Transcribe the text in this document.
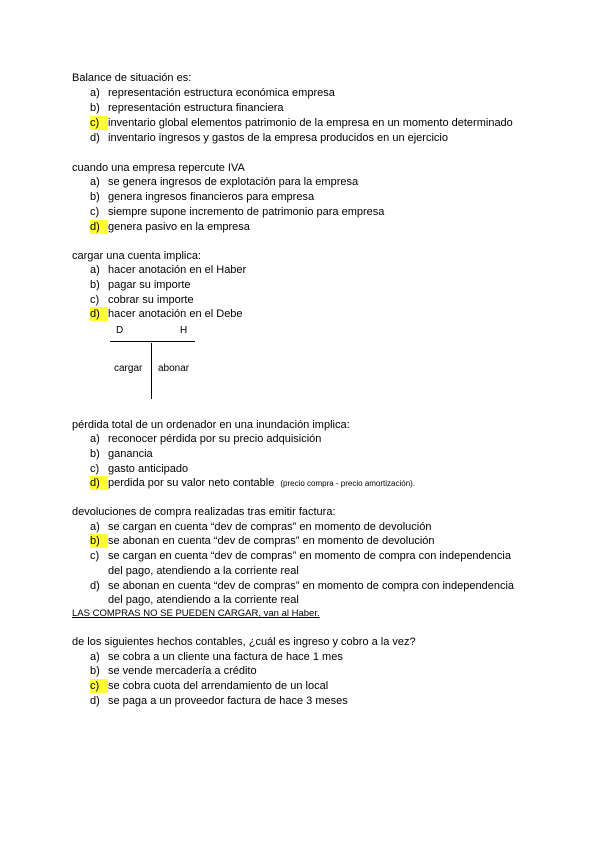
Balance de situación es:
a) representación estructura económica empresa
b) representación estructura financiera
c) inventario global elementos patrimonio de la empresa en un momento determinado
d) inventario ingresos y gastos de la empresa producidos en un ejercicio
cuando una empresa repercute IVA
a) se genera ingresos de explotación para la empresa
b) genera ingresos financieros para empresa
c) siempre supone incremento de patrimonio para empresa
d) genera pasivo en la empresa
cargar una cuenta implica:
a) hacer anotación en el Haber
b) pagar su importe
c) cobrar su importe
d) hacer anotación en el Debe
D	H
cargar abonar
pérdida total de un ordenador en una inundación implica:
a) reconocer pérdida por su precio adquisición
b) ganancia
c) gasto anticipado
d) perdida por su valor neto contable (precio compra - precio amortización).
devoluciones de compra realizadas tras emitir factura:
a) se cargan en cuenta “dev de compras” en momento de devolución
b) se abonan en cuenta “dev de compras” en momento de devolución
c) se cargan en cuenta “dev de compras” en momento de compra con independencia
del pago, atendiendo a la corriente real
d) se abonan en cuenta “dev de compras” en momento de compra con independencia
del pago, atendiendo a la corriente real
LAS COMPRAS NO SE PUEDEN CARGAR, van al Haber.
de los siguientes hechos contables, ¿cuál es ingreso y cobro a la vez?
a) se cobra a un cliente una factura de hace 1 mes
b) se vende mercadería a crédito
c) se cobra cuota del arrendamiento de un local
d) se paga a un proveedor factura de hace 3 meses
